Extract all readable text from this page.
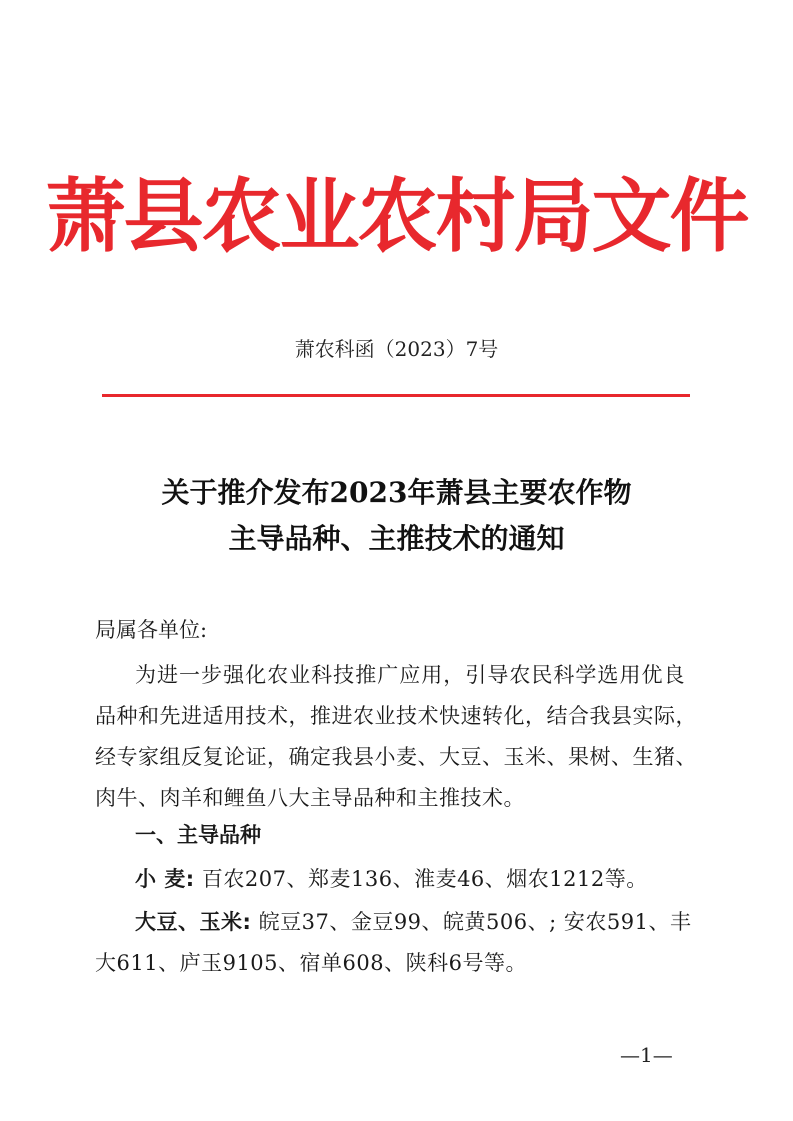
萧县农业农村局文件
萧农科函（2023）7号
关于推介发布2023年萧县主要农作物
主导品种、主推技术的通知
局属各单位:
为进一步强化农业科技推广应用，引导农民科学选用优良
品种和先进适用技术，推进农业技术快速转化，结合我县实际，
经专家组反复论证，确定我县小麦、大豆、玉米、果树、生猪、
肉牛、肉羊和鲤鱼八大主导品种和主推技术。
一、主导品种
小 麦: 百农207、郑麦136、淮麦46、烟农1212等。
大豆、玉米: 皖豆37、金豆99、皖黄506、; 安农591、丰
大611、庐玉9105、宿单608、陕科6号等。
—1—
